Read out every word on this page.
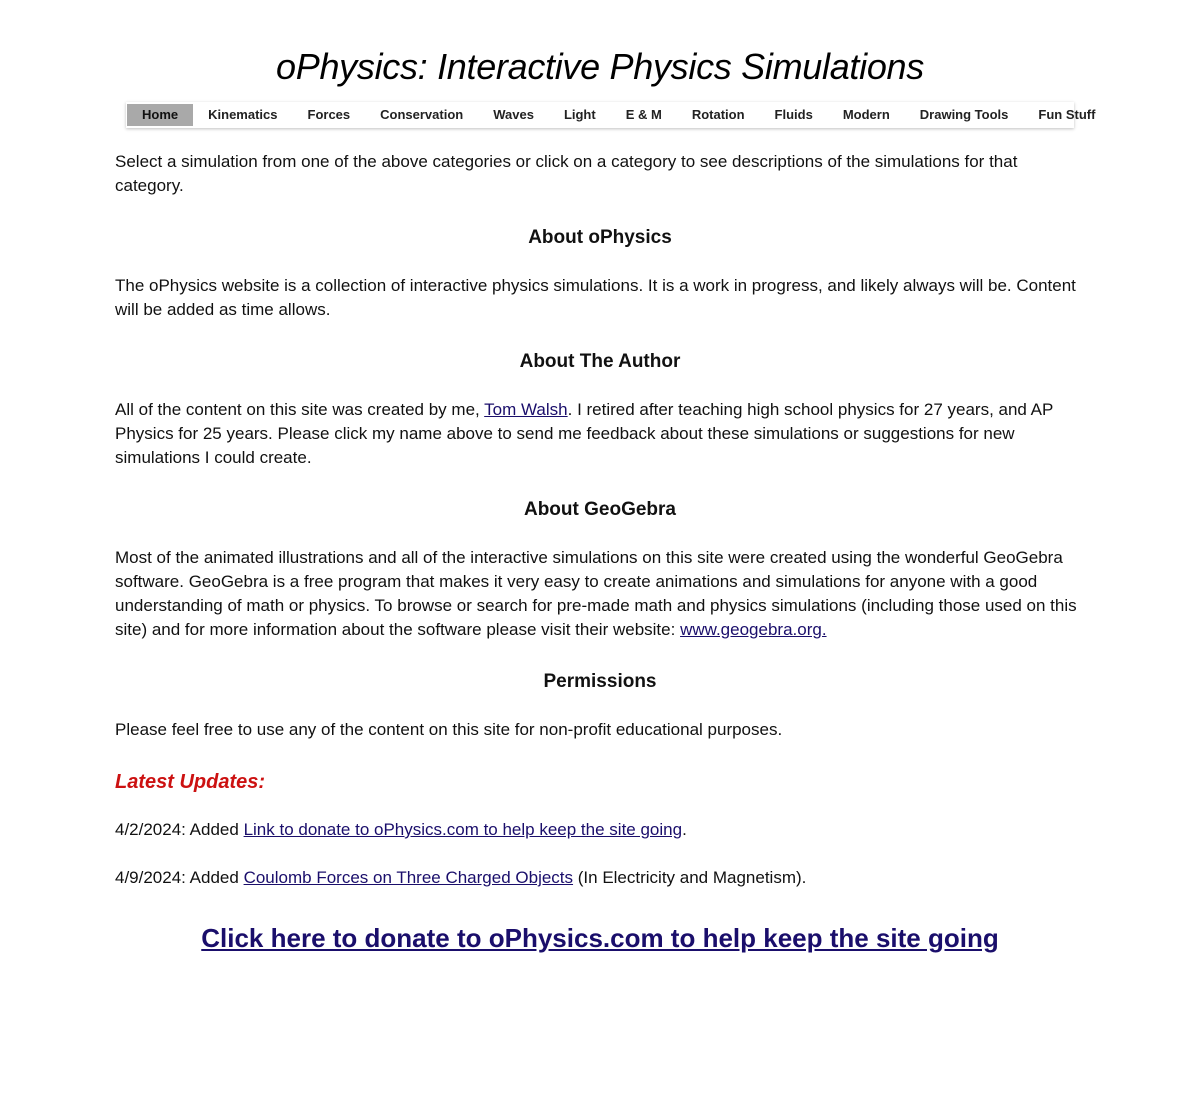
oPhysics: Interactive Physics Simulations
Home	Kinematics	Forces	Conservation	Waves	Light	E & M	Rotation	Fluids	Modern	Drawing Tools	Fun Stuff

Select a simulation from one of the above categories or click on a category to see descriptions of the simulations for that category.

About oPhysics

The oPhysics website is a collection of interactive physics simulations. It is a work in progress, and likely always will be. Content will be added as time allows.

About The Author

All of the content on this site was created by me, Tom Walsh. I retired after teaching high school physics for 27 years, and AP Physics for 25 years. Please click my name above to send me feedback about these simulations or suggestions for new simulations I could create.

About GeoGebra

Most of the animated illustrations and all of the interactive simulations on this site were created using the wonderful GeoGebra software. GeoGebra is a free program that makes it very easy to create animations and simulations for anyone with a good understanding of math or physics. To browse or search for pre-made math and physics simulations (including those used on this site) and for more information about the software please visit their website: www.geogebra.org.

Permissions

Please feel free to use any of the content on this site for non-profit educational purposes.

Latest Updates:

4/2/2024: Added Link to donate to oPhysics.com to help keep the site going.

4/9/2024: Added Coulomb Forces on Three Charged Objects (In Electricity and Magnetism).

Click here to donate to oPhysics.com to help keep the site going
